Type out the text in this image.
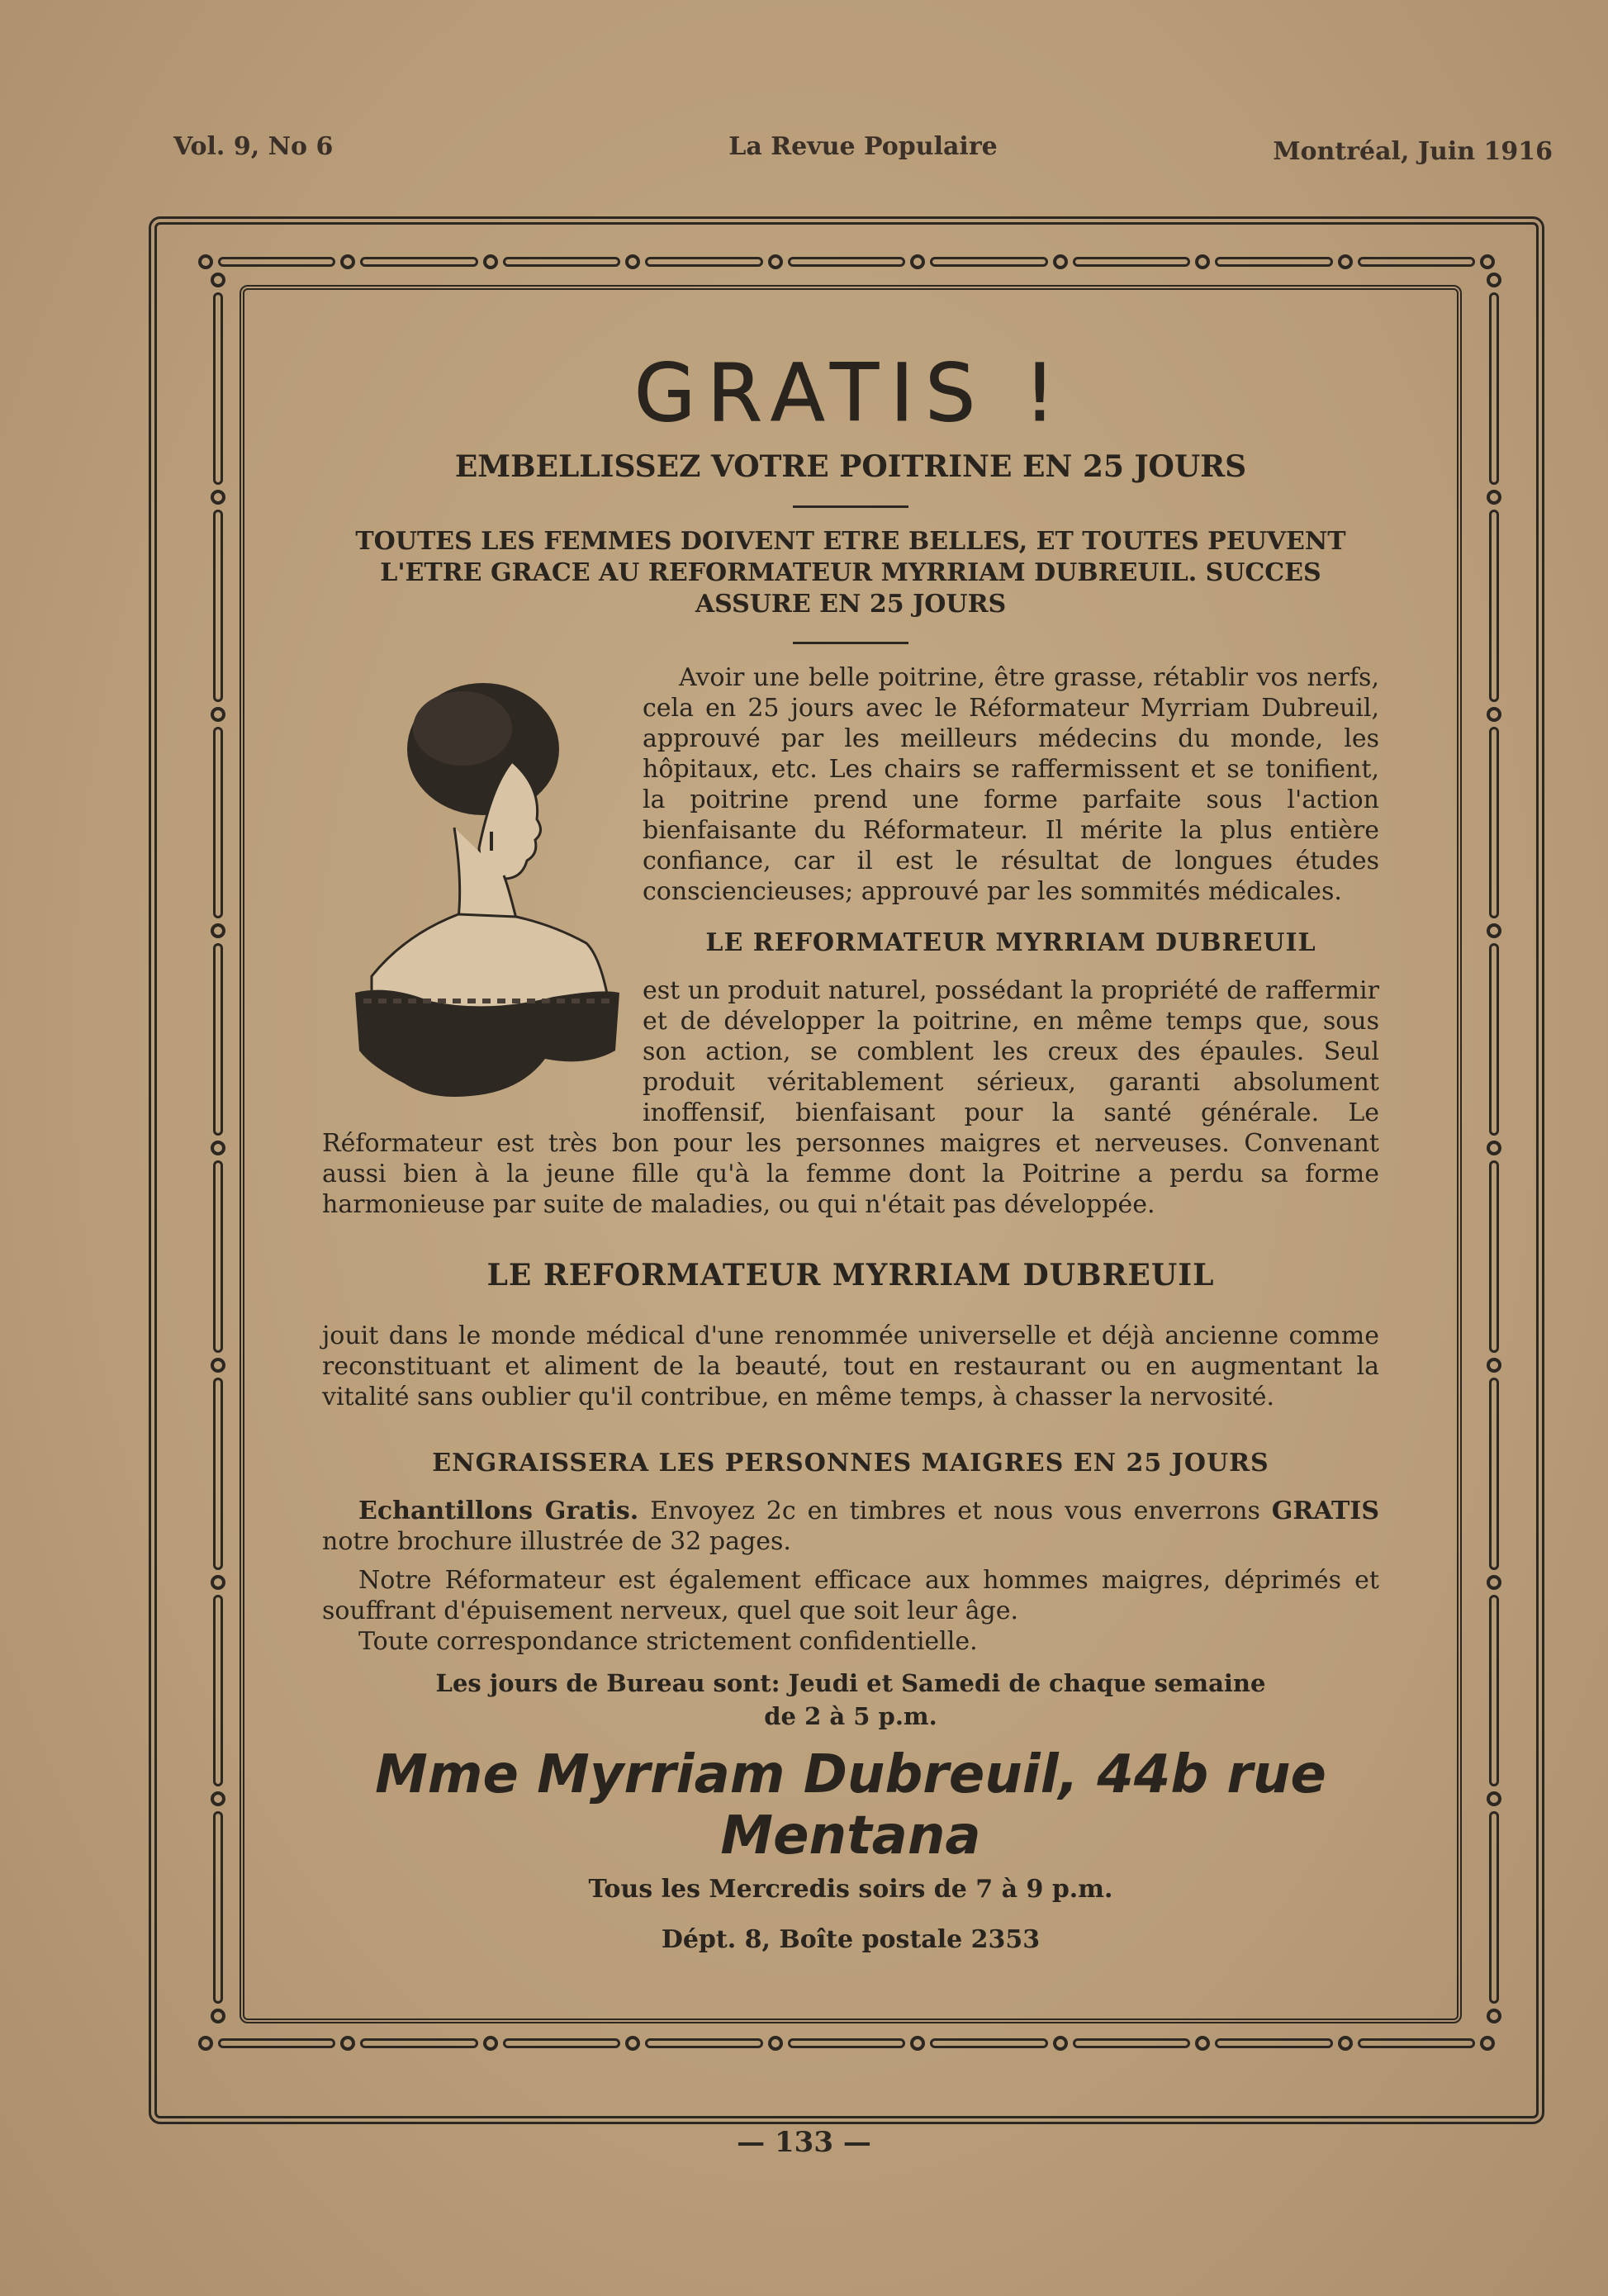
Vol. 9, No 6	La Revue Populaire	Montréal, Juin 1916
GRATIS !
EMBELLISSEZ VOTRE POITRINE EN 25 JOURS

TOUTES LES FEMMES DOIVENT ETRE BELLES, ET TOUTES PEUVENT L'ETRE GRACE AU REFORMATEUR MYRRIAM DUBREUIL. SUCCES ASSURE EN 25 JOURS

Avoir une belle poitrine, être grasse, rétablir vos nerfs, cela en 25 jours avec le Réformateur Myrriam Dubreuil, approuvé par les meilleurs médecins du monde, les hôpitaux, etc. Les chairs se raffermissent et se tonifient, la poitrine prend une forme parfaite sous l'action bienfaisante du Réformateur. Il mérite la plus entière confiance, car il est le résultat de longues études consciencieuses; approuvé par les sommités médicales.

LE REFORMATEUR MYRRIAM DUBREUIL

est un produit naturel, possédant la propriété de raffermir et de développer la poitrine, en même temps que, sous son action, se comblent les creux des épaules. Seul produit véritablement sérieux, garanti absolument inoffensif, bienfaisant pour la santé générale. Le Réformateur est très bon pour les personnes maigres et nerveuses. Convenant aussi bien à la jeune fille qu'à la femme dont la Poitrine a perdu sa forme harmonieuse par suite de maladies, ou qui n'était pas développée.

LE REFORMATEUR MYRRIAM DUBREUIL

jouit dans le monde médical d'une renommée universelle et déjà ancienne comme reconstituant et aliment de la beauté, tout en restaurant ou en augmentant la vitalité sans oublier qu'il contribue, en même temps, à chasser la nervosité.

ENGRAISSERA LES PERSONNES MAIGRES EN 25 JOURS

Echantillons Gratis. Envoyez 2c en timbres et nous vous enverrons GRATIS notre brochure illustrée de 32 pages.

Notre Réformateur est également efficace aux hommes maigres, déprimés et souffrant d'épuisement nerveux, quel que soit leur âge.

Toute correspondance strictement confidentielle.

Les jours de Bureau sont: Jeudi et Samedi de chaque semaine

de 2 à 5 p.m.

Mme Myrriam Dubreuil, 44b rue Mentana

Tous les Mercredis soirs de 7 à 9 p.m.

Dépt. 8, Boîte postale 2353

— 133 —
